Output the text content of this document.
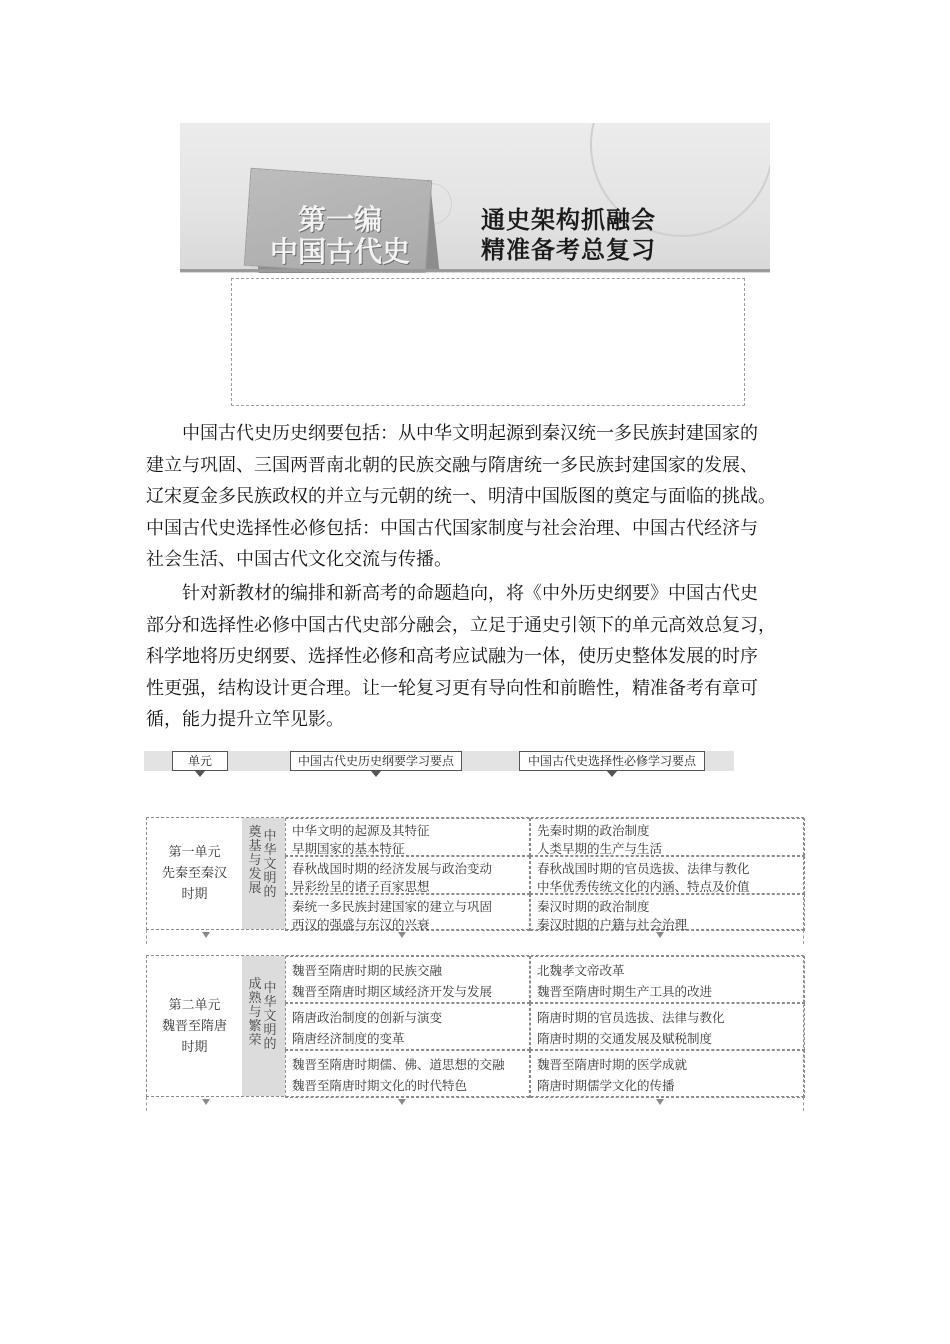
第一编
中国古代史
通史架构抓融会
精准备考总复习
中国古代史历史纲要包括：从中华文明起源到秦汉统一多民族封建国家的
建立与巩固、三国两晋南北朝的民族交融与隋唐统一多民族封建国家的发展、
辽宋夏金多民族政权的并立与元朝的统一、明清中国版图的奠定与面临的挑战。
中国古代史选择性必修包括：中国古代国家制度与社会治理、中国古代经济与
社会生活、中国古代文化交流与传播。
针对新教材的编排和新高考的命题趋向，将《中外历史纲要》中国古代史
部分和选择性必修中国古代史部分融会，立足于通史引领下的单元高效总复习，
科学地将历史纲要、选择性必修和高考应试融为一体，使历史整体发展的时序
性更强，结构设计更合理。让一轮复习更有导向性和前瞻性，精准备考有章可
循，能力提升立竿见影。
单元	中国古代史历史纲要学习要点	中国古代史选择性必修学习要点
第一单元
先秦至秦汉
时期
中华文明的
奠基与发展
中华文明的起源及其特征
早期国家的基本特征
先秦时期的政治制度
人类早期的生产与生活
春秋战国时期的经济发展与政治变动
异彩纷呈的诸子百家思想
春秋战国时期的官员选拔、法律与教化
中华优秀传统文化的内涵、特点及价值
秦统一多民族封建国家的建立与巩固
西汉的强盛与东汉的兴衰
秦汉时期的政治制度
秦汉时期的户籍与社会治理
第二单元
魏晋至隋唐
时期
中华文明的
成熟与繁荣
魏晋至隋唐时期的民族交融
魏晋至隋唐时期区域经济开发与发展
北魏孝文帝改革
魏晋至隋唐时期生产工具的改进
隋唐政治制度的创新与演变
隋唐经济制度的变革
隋唐时期的官员选拔、法律与教化
隋唐时期的交通发展及赋税制度
魏晋至隋唐时期儒、佛、道思想的交融
魏晋至隋唐时期文化的时代特色
魏晋至隋唐时期的医学成就
隋唐时期儒学文化的传播
